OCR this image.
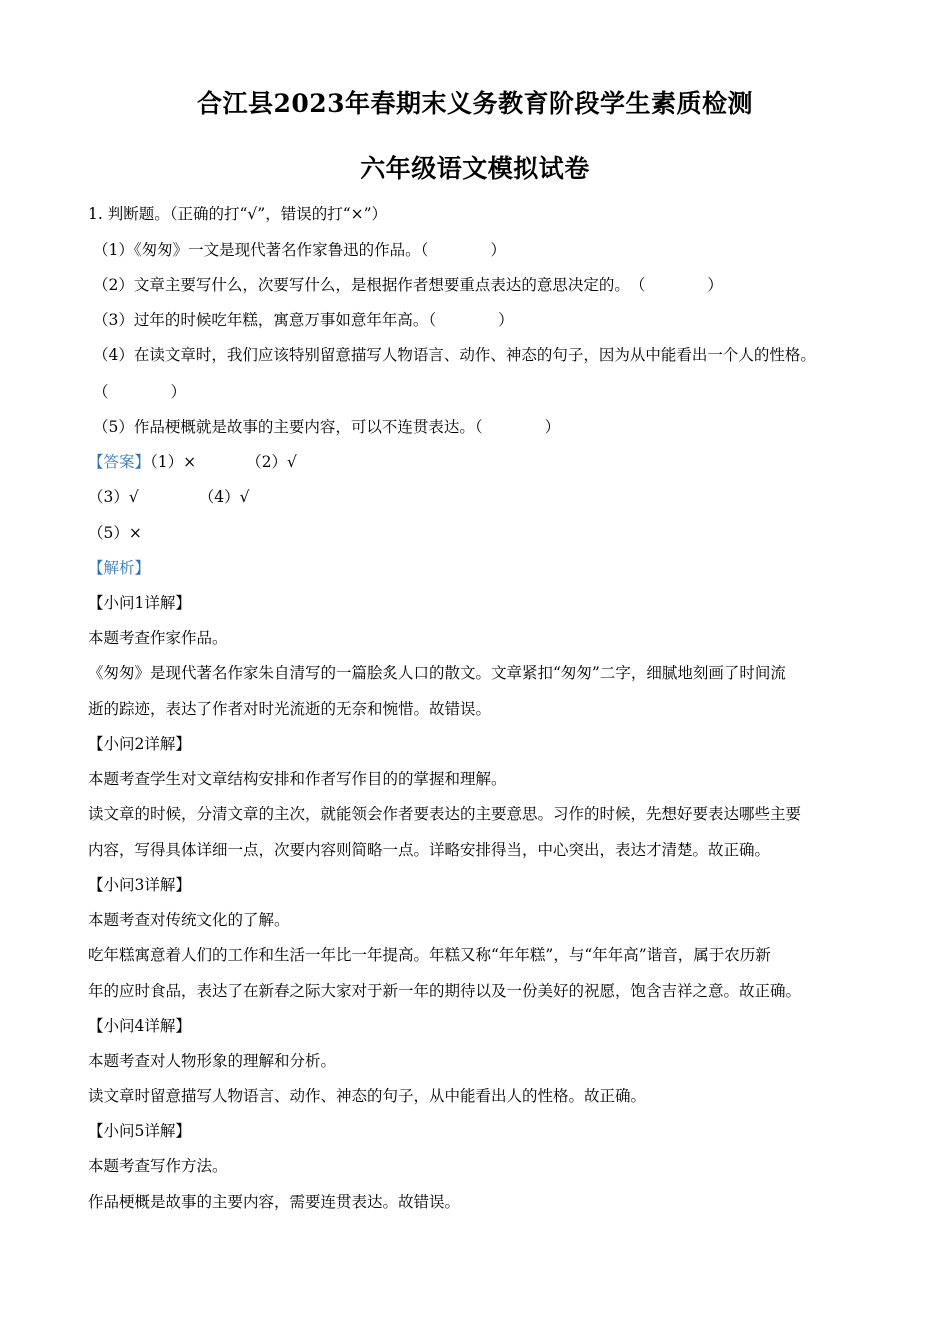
合江县2023年春期末义务教育阶段学生素质检测
六年级语文模拟试卷
1. 判断题。（正确的打“√”，错误的打“×”）
（1）《匆匆》一文是现代著名作家鲁迅的作品。（　　　　）
（2）文章主要写什么，次要写什么，是根据作者想要重点表达的意思决定的。　（　　　　）
（3）过年的时候吃年糕，寓意万事如意年年高。（　　　　）
（4）在读文章时，我们应该特别留意描写人物语言、动作、神态的句子，因为从中能看出一个人的性格。
（　　　　）
（5）作品梗概就是故事的主要内容，可以不连贯表达。（　　　　）
【答案】（1）×	（2）√
（3）√	（4）√
（5）×
【解析】
【小问1详解】
本题考查作家作品。
《匆匆》是现代著名作家朱自清写的一篇脍炙人口的散文。文章紧扣“匆匆”二字，细腻地刻画了时间流
逝的踪迹，表达了作者对时光流逝的无奈和惋惜。故错误。
【小问2详解】
本题考查学生对文章结构安排和作者写作目的的掌握和理解。
读文章的时候，分清文章的主次，就能领会作者要表达的主要意思。习作的时候，先想好要表达哪些主要
内容，写得具体详细一点，次要内容则简略一点。详略安排得当，中心突出，表达才清楚。故正确。
【小问3详解】
本题考查对传统文化的了解。
吃年糕寓意着人们的工作和生活一年比一年提高。年糕又称“年年糕”，与“年年高”谐音，属于农历新
年的应时食品，表达了在新春之际大家对于新一年的期待以及一份美好的祝愿，饱含吉祥之意。故正确。
【小问4详解】
本题考查对人物形象的理解和分析。
读文章时留意描写人物语言、动作、神态的句子，从中能看出人的性格。故正确。
【小问5详解】
本题考查写作方法。
作品梗概是故事的主要内容，需要连贯表达。故错误。
